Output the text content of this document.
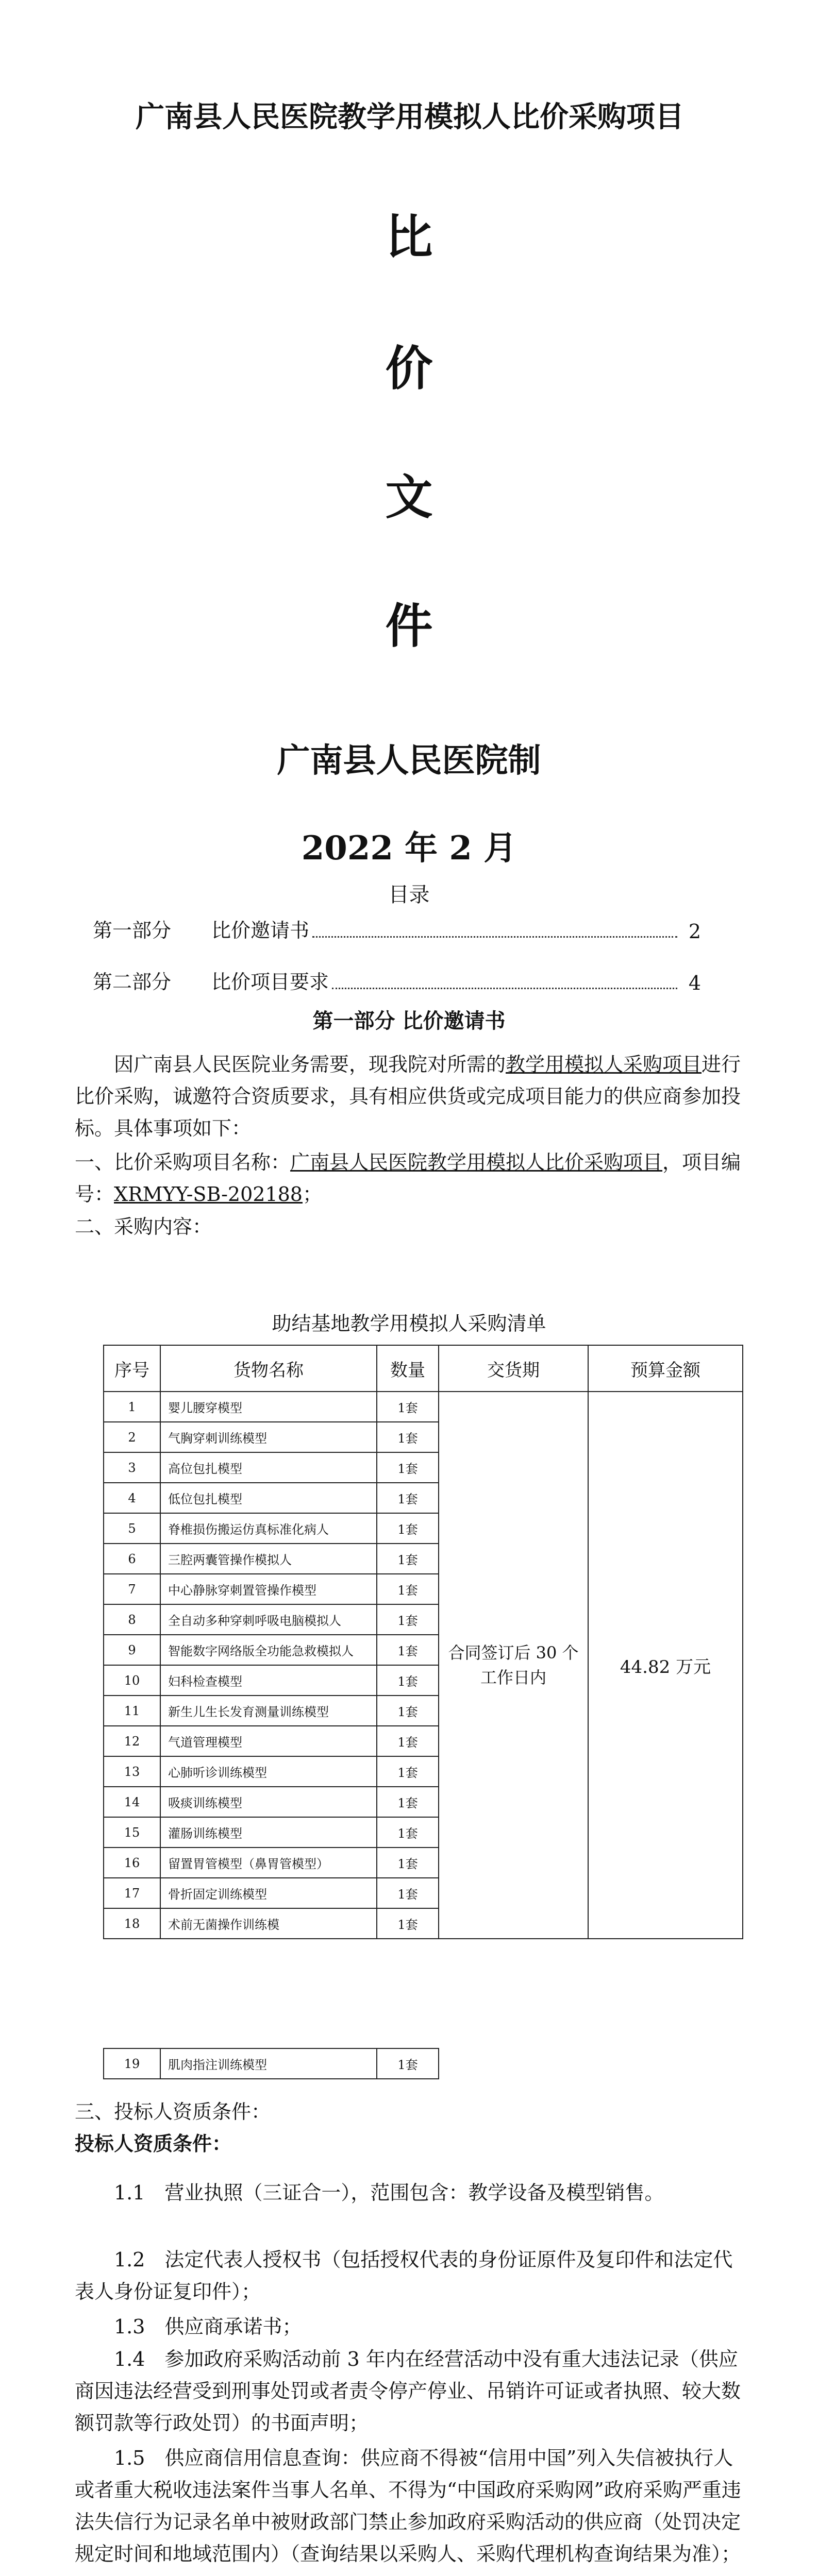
广南县人民医院教学用模拟人比价采购项目
比
价
文
件
广南县人民医院制
2022 年 2 月
目录
第一部分	比价邀请书	2
第二部分	比价项目要求	4
第一部分 比价邀请书
因广南县人民医院业务需要，现我院对所需的教学用模拟人采购项目进行比价采购，诚邀符合资质要求，具有相应供货或完成项目能力的供应商参加投标。具体事项如下：
一、比价采购项目名称：广南县人民医院教学用模拟人比价采购项目，项目编号：XRMYY-SB-202188；
二、采购内容：
助结基地教学用模拟人采购清单
序号	货物名称	数量	交货期	预算金额
1	婴儿腰穿模型	1套	合同签订后 30 个工作日内	44.82 万元
2	气胸穿刺训练模型	1套		
3	高位包扎模型	1套		
4	低位包扎模型	1套		
5	脊椎损伤搬运仿真标准化病人	1套		
6	三腔两囊管操作模拟人	1套		
7	中心静脉穿刺置管操作模型	1套		
8	全自动多种穿刺呼吸电脑模拟人	1套		
9	智能数字网络版全功能急救模拟人	1套		
10	妇科检查模型	1套		
11	新生儿生长发育测量训练模型	1套		
12	气道管理模型	1套		
13	心肺听诊训练模型	1套		
14	吸痰训练模型	1套		
15	灌肠训练模型	1套		
16	留置胃管模型（鼻胃管模型）	1套		
17	骨折固定训练模型	1套		
18	术前无菌操作训练模	1套		
19	肌肉指注训练模型	1套	
三、投标人资质条件：
投标人资质条件：
1.1　营业执照（三证合一），范围包含：教学设备及模型销售。
1.2　法定代表人授权书（包括授权代表的身份证原件及复印件和法定代表人身份证复印件）；
1.3　供应商承诺书；
1.4　参加政府采购活动前 3 年内在经营活动中没有重大违法记录（供应商因违法经营受到刑事处罚或者责令停产停业、吊销许可证或者执照、较大数额罚款等行政处罚）的书面声明；
1.5　供应商信用信息查询：供应商不得被“信用中国”列入失信被执行人或者重大税收违法案件当事人名单、不得为“中国政府采购网”政府采购严重违法失信行为记录名单中被财政部门禁止参加政府采购活动的供应商（处罚决定规定时间和地域范围内）（查询结果以采购人、采购代理机构查询结果为准）；
